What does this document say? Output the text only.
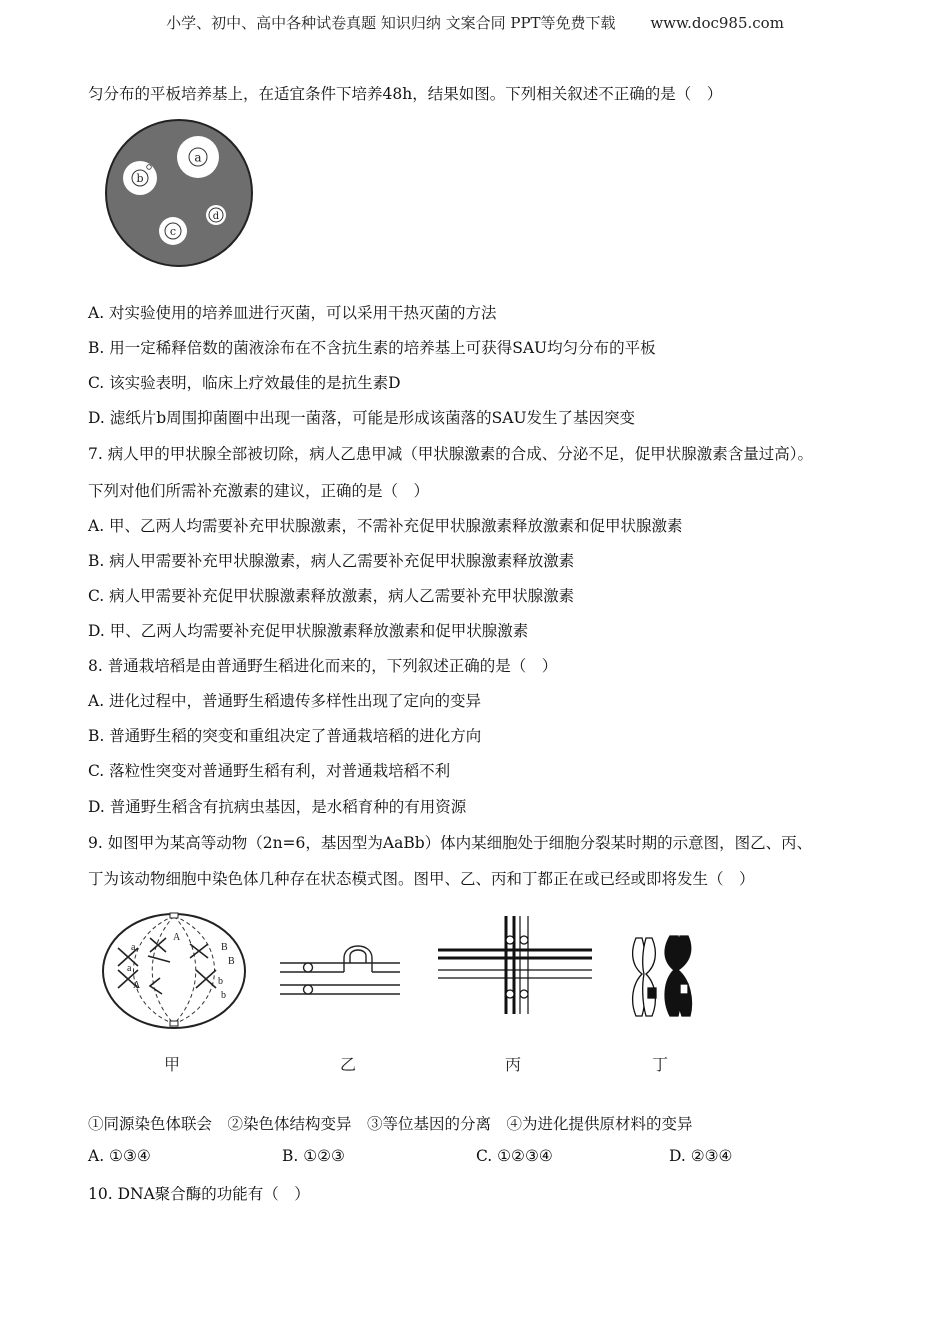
小学、初中、高中各种试卷真题 知识归纳 文案合同 PPT等免费下载 www.doc985.com
匀分布的平板培养基上，在适宜条件下培养48h，结果如图。下列相关叙述不正确的是（　）
a
b
c
d
A. 对实验使用的培养皿进行灭菌，可以采用干热灭菌的方法
B. 用一定稀释倍数的菌液涂布在不含抗生素的培养基上可获得SAU均匀分布的平板
C. 该实验表明，临床上疗效最佳的是抗生素D
D. 滤纸片b周围抑菌圈中出现一菌落，可能是形成该菌落的SAU发生了基因突变
7. 病人甲的甲状腺全部被切除，病人乙患甲减（甲状腺激素的合成、分泌不足，促甲状腺激素含量过高）。
下列对他们所需补充激素的建议，正确的是（　）
A. 甲、乙两人均需要补充甲状腺激素，不需补充促甲状腺激素释放激素和促甲状腺激素
B. 病人甲需要补充甲状腺激素，病人乙需要补充促甲状腺激素释放激素
C. 病人甲需要补充促甲状腺激素释放激素，病人乙需要补充甲状腺激素
D. 甲、乙两人均需要补充促甲状腺激素释放激素和促甲状腺激素
8. 普通栽培稻是由普通野生稻进化而来的，下列叙述正确的是（　）
A. 进化过程中，普通野生稻遗传多样性出现了定向的变异
B. 普通野生稻的突变和重组决定了普通栽培稻的进化方向
C. 落粒性突变对普通野生稻有利，对普通栽培稻不利
D. 普通野生稻含有抗病虫基因，是水稻育种的有用资源
9. 如图甲为某高等动物（2n=6，基因型为AaBb）体内某细胞处于细胞分裂某时期的示意图，图乙、丙、
丁为该动物细胞中染色体几种存在状态模式图。图甲、乙、丙和丁都正在或已经或即将发生（　）
A
a
a
A
B
B
b
b
甲	乙	丙	丁
①同源染色体联会　②染色体结构变异　③等位基因的分离　④为进化提供原材料的变异
A. ①③④	B. ①②③	C. ①②③④	D. ②③④
10. DNA聚合酶的功能有（　）
